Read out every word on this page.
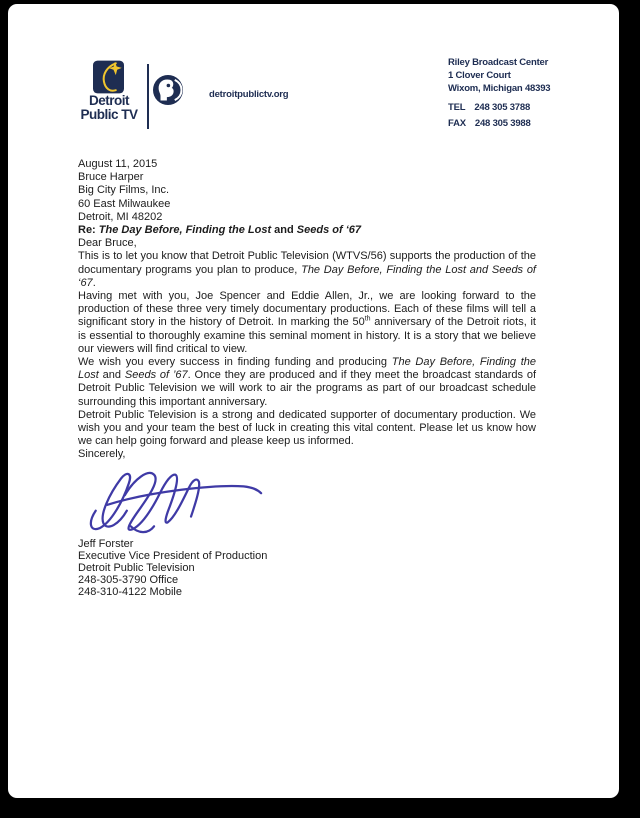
Detroit
Public TV
detroitpublictv.org
Riley Broadcast Center
1 Clover Court
Wixom, Michigan 48393
TEL 248 305 3788
FAX 248 305 3988

August 11, 2015

Bruce Harper

Big City Films, Inc.

60 East Milwaukee

Detroit, MI 48202

Re: The Day Before, Finding the Lost and Seeds of ‘67

Dear Bruce,

This is to let you know that Detroit Public Television (WTVS/56) supports the production of the documentary programs you plan to produce, The Day Before, Finding the Lost and Seeds of ‘67.

Having met with you, Joe Spencer and Eddie Allen, Jr., we are looking forward to the production of these three very timely documentary productions. Each of these films will tell a significant story in the history of Detroit. In marking the 50th anniversary of the Detroit riots, it is essential to thoroughly examine this seminal moment in history. It is a story that we believe our viewers will find critical to view.

We wish you every success in finding funding and producing The Day Before, Finding the Lost and Seeds of ’67. Once they are produced and if they meet the broadcast standards of Detroit Public Television we will work to air the programs as part of our broadcast schedule surrounding this important anniversary.

Detroit Public Television is a strong and dedicated supporter of documentary production. We wish you and your team the best of luck in creating this vital content. Please let us know how we can help going forward and please keep us informed.

Sincerely,

Jeff Forster

Executive Vice President of Production

Detroit Public Television

248-305-3790 Office

248-310-4122 Mobile
